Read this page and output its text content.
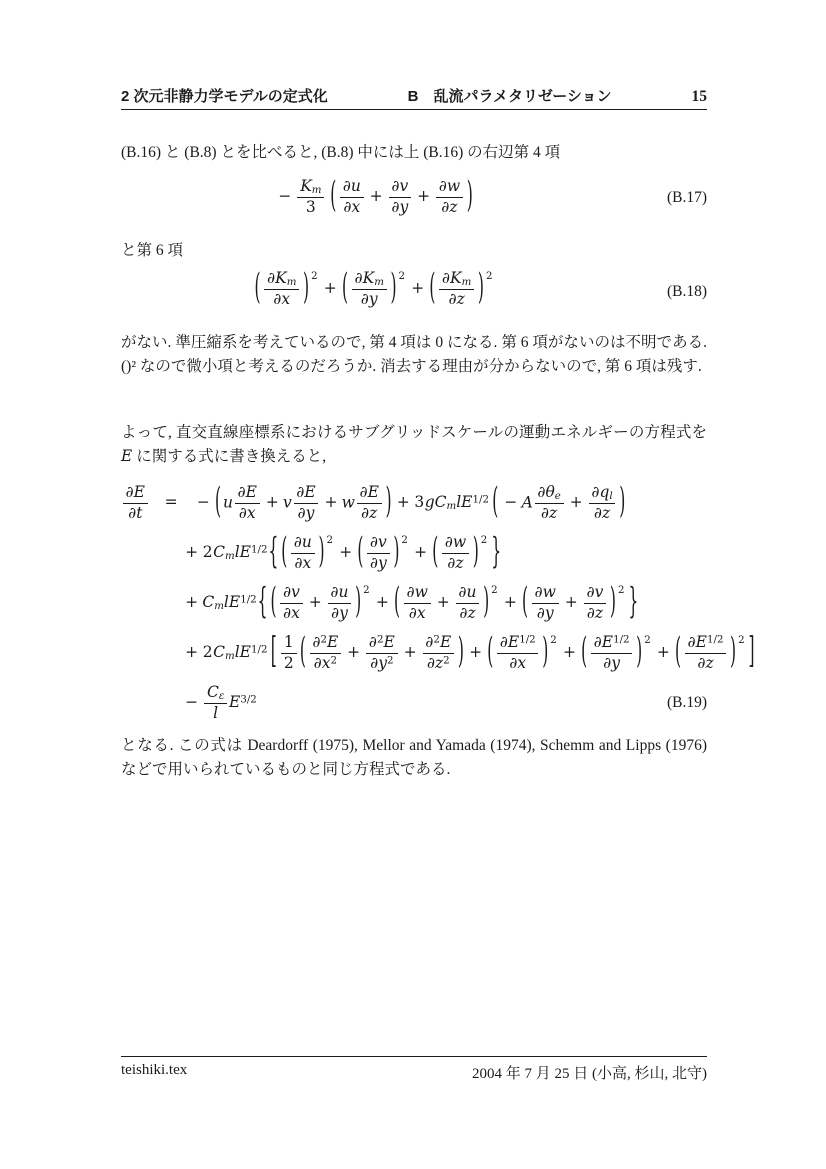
2 次元非静力学モデルの定式化	B　乱流パラメタリゼーション	15
(B.16) と (B.8) とを比べると, (B.8) 中には上 (B.16) の右辺第 4 項
− $\frac{K_m}{3}$ ( $\frac{\partial u}{\partial x} + \frac{\partial v}{\partial y} + \frac{\partial w}{\partial z}$ )	(B.17)
と第 6 項
( $\frac{\partial K_m}{\partial x}$ ) $^2$+ ( $\frac{\partial K_m}{\partial y}$ ) $^2$+ ( $\frac{\partial K_m}{\partial z}$ ) $^2$
(B.18)
がない. 準圧縮系を考えているので, 第 4 項は 0 になる. 第 6 項がないのは不明である. ()² なので微小項と考えるのだろうか. 消去する理由が分からないので, 第 6 項は残す.
よって, 直交直線座標系におけるサブグリッドスケールの運動エネルギーの方程式を E に関する式に書き換えると,
$\frac{\partial E}{\partial t}$ = − ( u $\frac{\partial E}{\partial x} + v \frac{\partial E}{\partial y} + w \frac{\partial E}{\partial z}$ ) + $3gC_mlE^{1/2}$ ( − A $\frac{\partial\theta_e}{\partial z} + \frac{\partial q_l}{\partial z}$ )
+ $2C_mlE^{1/2}$ { ( $\frac{\partial u}{\partial x}$ ) $^2$+ ( $\frac{\partial v}{\partial y}$ ) $^2$+ ( $\frac{\partial w}{\partial z}$ ) $^2$ }
+ $C_mlE^{1/2}$ { ( $\frac{\partial v}{\partial x} + \frac{\partial u}{\partial y}$ ) $^2$+ ( $\frac{\partial w}{\partial x} + \frac{\partial u}{\partial z}$ ) $^2$+ ( $\frac{\partial w}{\partial y} + \frac{\partial v}{\partial z}$ ) $^2$ }
+ $2C_mlE^{1/2}$ [ $\frac{1}{2}$ ( $\frac{\partial^2E}{\partial x^2} + \frac{\partial^2E}{\partial y^2} + \frac{\partial^2E}{\partial z^2}$ ) + ( $\frac{\partial E^{1/2}}{\partial x}$ ) $^2$+ ( $\frac{\partial E^{1/2}}{\partial y}$ ) $^2$+ ( $\frac{\partial E^{1/2}}{\partial z}$ ) $^2$ ]
− $\frac{C_\varepsilon}{l} E^{3/2}$	(B.19)
となる. この式は Deardorff (1975), Mellor and Yamada (1974), Schemm and Lipps (1976) などで用いられているものと同じ方程式である.
teishiki.tex	2004 年 7 月 25 日 (小高, 杉山, 北守)
